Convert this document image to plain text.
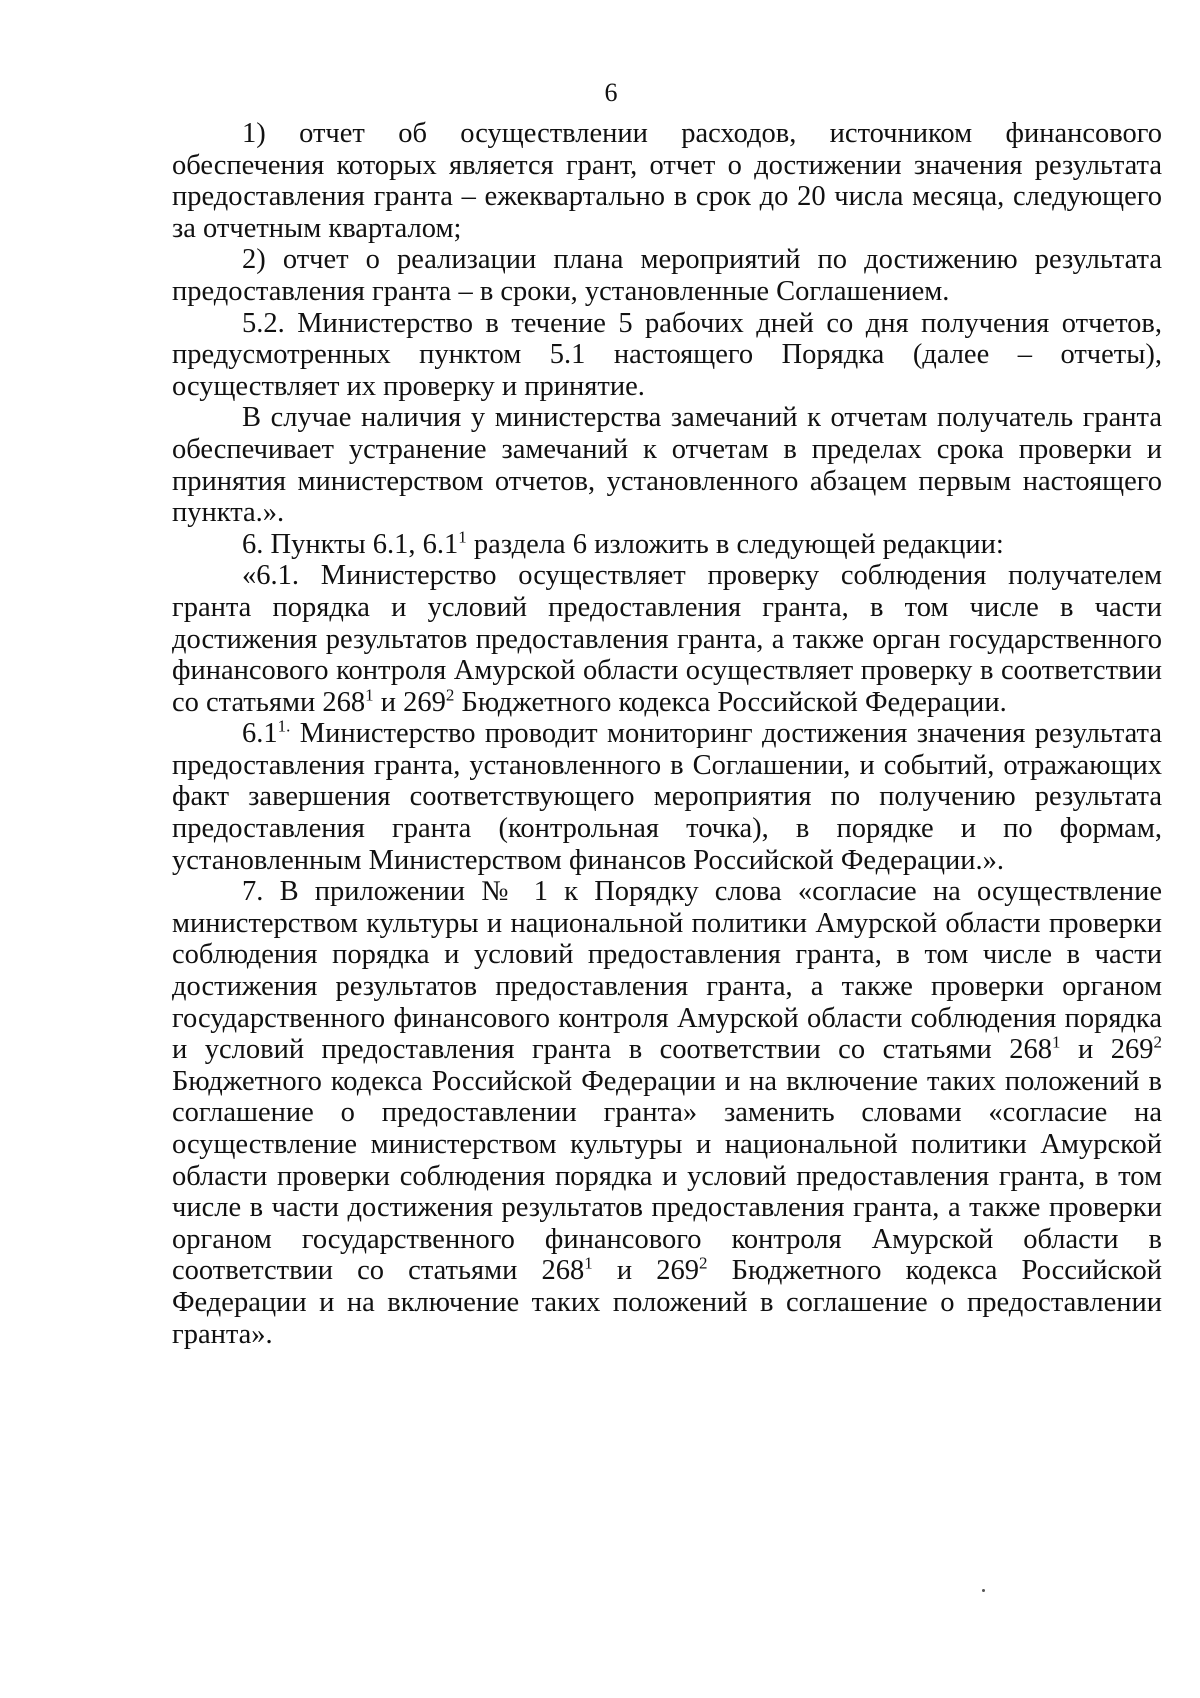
6

1) отчет об осуществлении расходов, источником финансового обеспечения которых является грант, отчет о достижении значения результата предоставления гранта – ежеквартально в срок до 20 числа месяца, следующего за отчетным кварталом;

2) отчет о реализации плана мероприятий по достижению результата предоставления гранта – в сроки, установленные Соглашением.

5.2. Министерство в течение 5 рабочих дней со дня получения отчетов, предусмотренных пунктом 5.1 настоящего Порядка (далее – отчеты), осуществляет их проверку и принятие.

В случае наличия у министерства замечаний к отчетам получатель гранта обеспечивает устранение замечаний к отчетам в пределах срока проверки и принятия министерством отчетов, установленного абзацем первым настоящего пункта.».

6. Пункты 6.1, $6.1^1$ раздела 6 изложить в следующей редакции:

«6.1. Министерство осуществляет проверку соблюдения получателем гранта порядка и условий предоставления гранта, в том числе в части достижения результатов предоставления гранта, а также орган государственного финансового контроля Амурской области осуществляет проверку в соответствии со статьями $268^1$ и $269^2$ Бюджетного кодекса Российской Федерации.

$6.1^{1.}$ Министерство проводит мониторинг достижения значения результата предоставления гранта, установленного в Соглашении, и событий, отражающих факт завершения соответствующего мероприятия по получению результата предоставления гранта (контрольная точка), в порядке и по формам, установленным Министерством финансов Российской Федерации.».

7. В приложении № 1 к Порядку слова «согласие на осуществление министерством культуры и национальной политики Амурской области проверки соблюдения порядка и условий предоставления гранта, в том числе в части достижения результатов предоставления гранта, а также проверки органом государственного финансового контроля Амурской области соблюдения порядка и условий предоставления гранта в соответствии со статьями $268^1$ и $269^2$ Бюджетного кодекса Российской Федерации и на включение таких положений в соглашение о предоставлении гранта» заменить словами «согласие на осуществление министерством культуры и национальной политики Амурской области проверки соблюдения порядка и условий предоставления гранта, в том числе в части достижения результатов предоставления гранта, а также проверки органом государственного финансового контроля Амурской области в соответствии со статьями $268^1$ и $269^2$ Бюджетного кодекса Российской Федерации и на включение таких положений в соглашение о предоставлении гранта».
